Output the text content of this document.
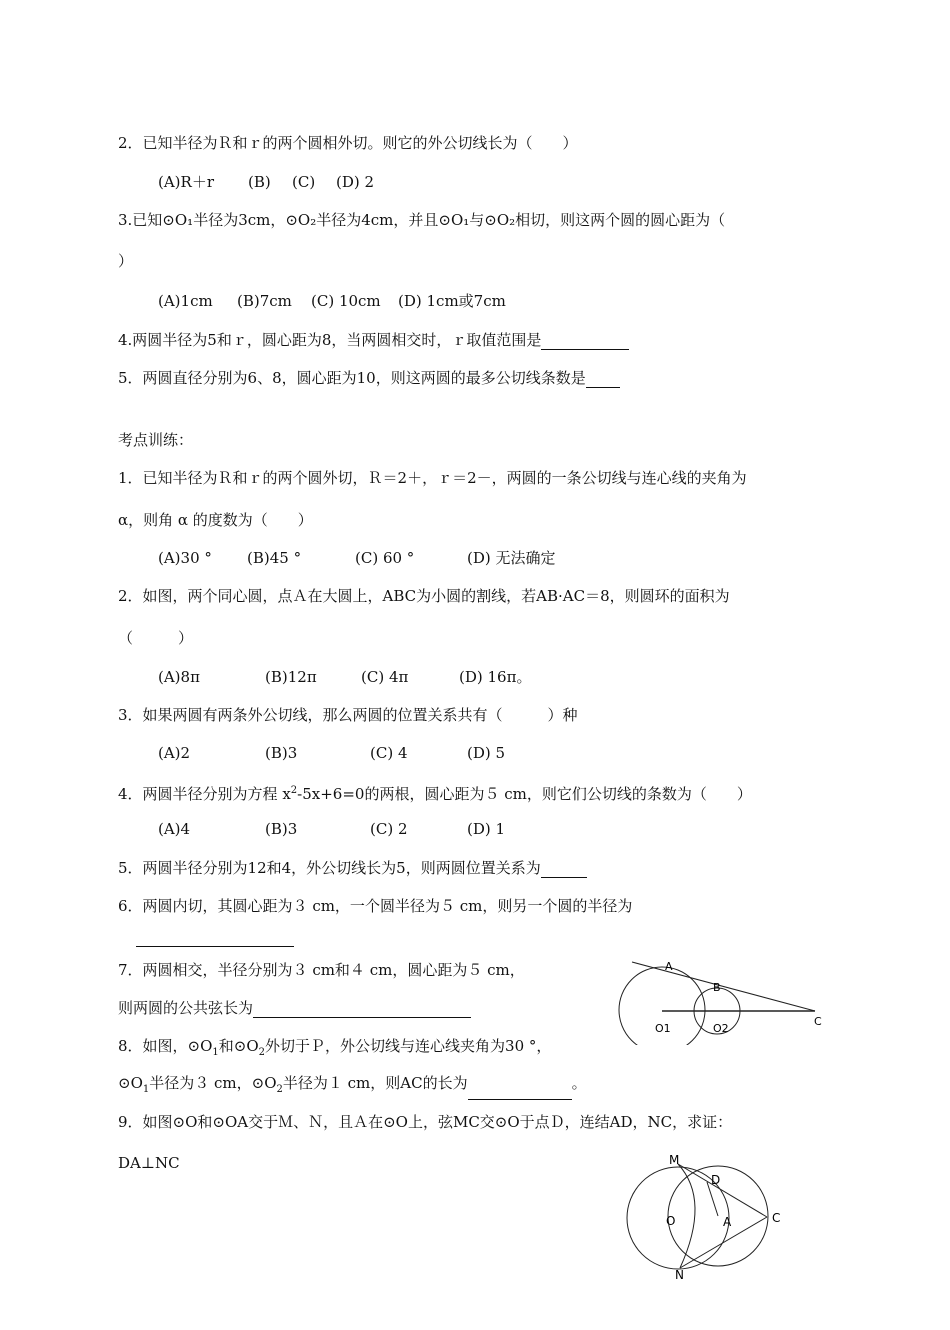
2．已知半径为Ｒ和ｒ的两个圆相外切。则它的外公切线长为（　　）
(A)R＋r (B) (C) (D) 2
3.已知⊙O₁半径为3cm，⊙O₂半径为4cm，并且⊙O₁与⊙O₂相切，则这两个圆的圆心距为（
）
(A)1cm (B)7cm (C) 10cm (D) 1cm或7cm
4.两圆半径为5和ｒ，圆心距为8，当两圆相交时，ｒ取值范围是
5．两圆直径分别为6、8，圆心距为10，则这两圆的最多公切线条数是
考点训练：
1．已知半径为Ｒ和ｒ的两个圆外切，Ｒ＝2＋，ｒ＝2－，两圆的一条公切线与连心线的夹角为
α，则角 α 的度数为（　　）
(A)30 ° (B)45 °	(C) 60 °	(D) 无法确定
2．如图，两个同心圆，点Ａ在大圆上，ABC为小圆的割线，若AB·AC＝8，则圆环的面积为
（　　　）
(A)8π	(B)12π	(C) 4π	(D) 16π。
3．如果两圆有两条外公切线，那么两圆的位置关系共有（　　　）种
(A)2	(B)3	(C) 4	(D) 5
4．两圆半径分别为方程 $x^2-5x+6=0$的两根，圆心距为５ cm，则它们公切线的条数为（　　）
(A)4	(B)3	(C) 2	(D) 1
5．两圆半径分别为12和4，外公切线长为5，则两圆位置关系为
6．两圆内切，其圆心距为３ cm，一个圆半径为５ cm，则另一个圆的半径为
7．两圆相交，半径分别为３ cm和４ cm，圆心距为５ cm，
则两圆的公共弦长为
8．如图，$⊙O_1$和$⊙O_2$外切于Ｐ，外公切线与连心线夹角为30 °，
$⊙O_1$半径为３ cm，$⊙O_2$半径为１ cm，则AC的长为	。
9．如图⊙O和⊙OA交于Ｍ、Ｎ，且Ａ在⊙O上，弦MC交⊙O于点Ｄ，连结AD，NC，求证：
DA⊥NC
A
B
O1	O2
C
M
D
O	A	C
N
